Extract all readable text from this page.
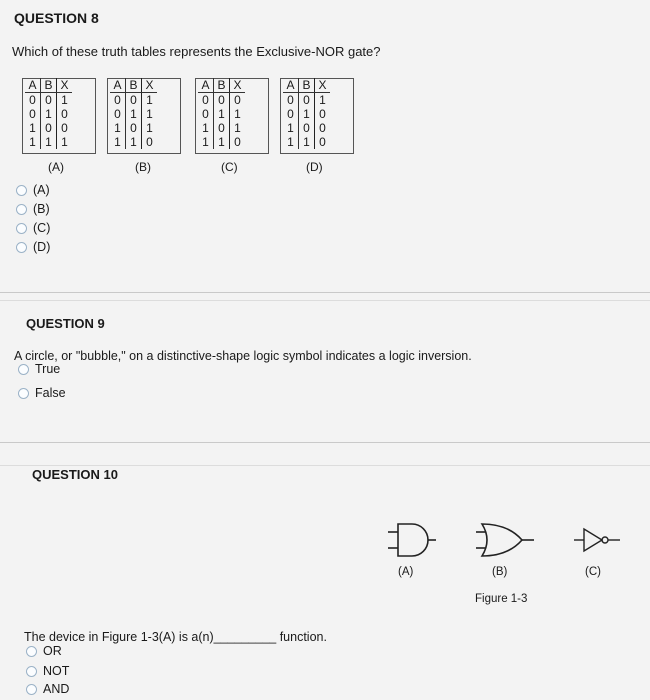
QUESTION 8
Which of these truth tables represents the Exclusive-NOR gate?
A	B	X
0	0	1
0	1	0
1	0	0
1	1	1
(A)
A	B	X
0	0	1
0	1	1
1	0	1
1	1	0
(B)
A	B	X
0	0	0
0	1	1
1	0	1
1	1	0
(C)
A	B	X
0	0	1
0	1	0
1	0	0
1	1	0
(D)
(A)
(B)
(C)
(D)
QUESTION 9
A circle, or "bubble," on a distinctive-shape logic symbol indicates a logic inversion.
True
False
QUESTION 10
(A)	(B)	(C)
Figure 1-3
The device in Figure 1-3(A) is a(n)_________ function.
OR
NOT
AND
